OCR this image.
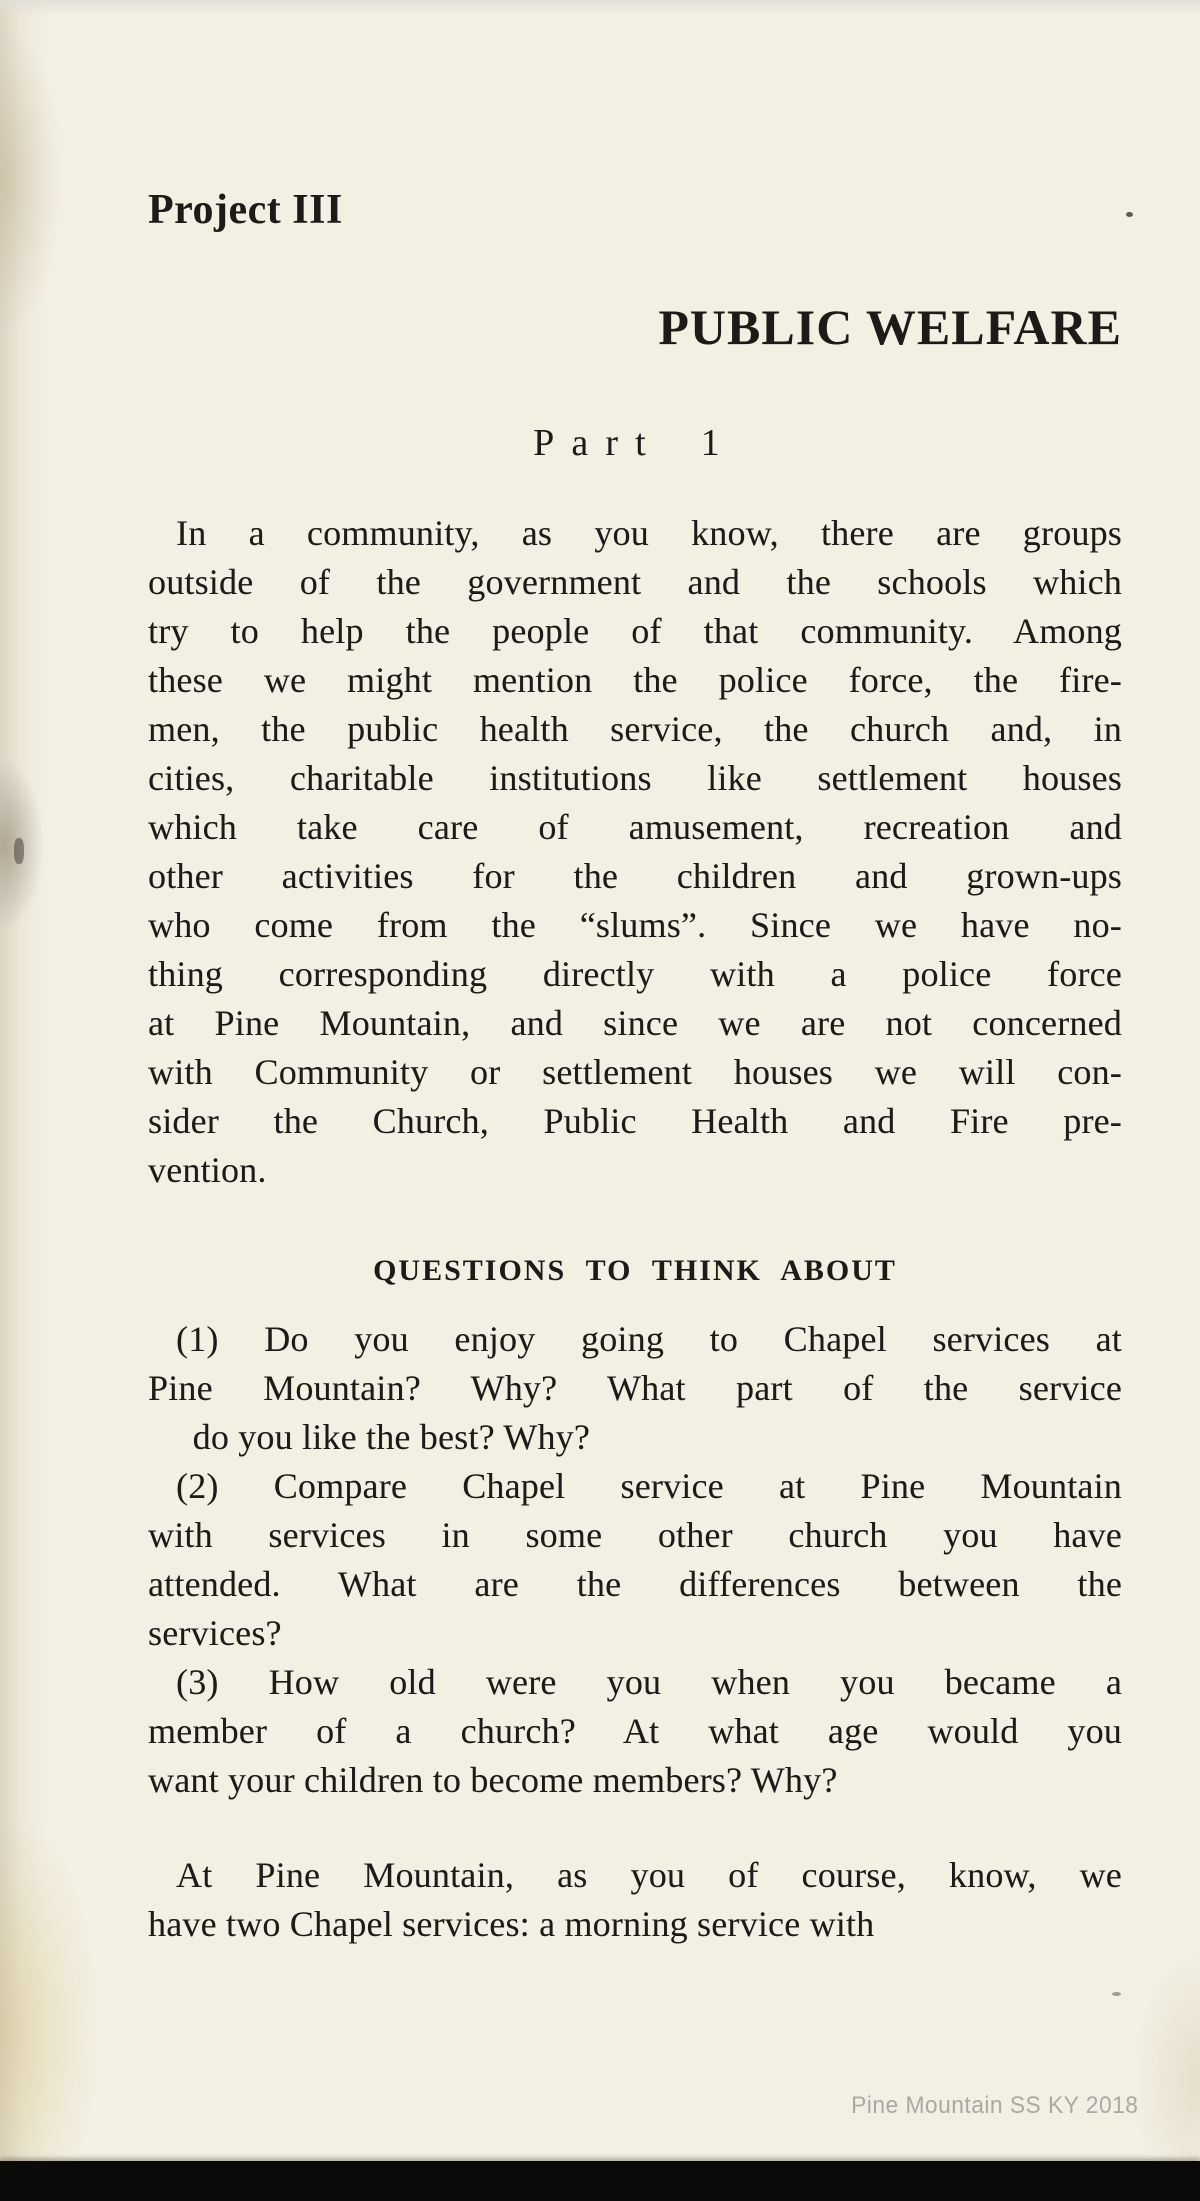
Project III
PUBLIC WELFARE
Part 1
In a community, as you know, there are groups
outside of the government and the schools which
try to help the people of that community. Among
these we might mention the police force, the fire-
men, the public health service, the church and, in
cities, charitable institutions like settlement houses
which take care of amusement, recreation and
other activities for the children and grown-ups
who come from the “slums”. Since we have no-
thing corresponding directly with a police force
at Pine Mountain, and since we are not concerned
with Community or settlement houses we will con-
sider the Church, Public Health and Fire pre-
vention.
QUESTIONS TO THINK ABOUT
(1) Do you enjoy going to Chapel services at
Pine Mountain? Why? What part of the service
do you like the best? Why?
(2) Compare Chapel service at Pine Mountain
with services in some other church you have
attended. What are the differences between the
services?
(3) How old were you when you became a
member of a church? At what age would you
want your children to become members? Why?
At Pine Mountain, as you of course, know, we
have two Chapel services: a morning service with
Pine Mountain SS KY 2018
